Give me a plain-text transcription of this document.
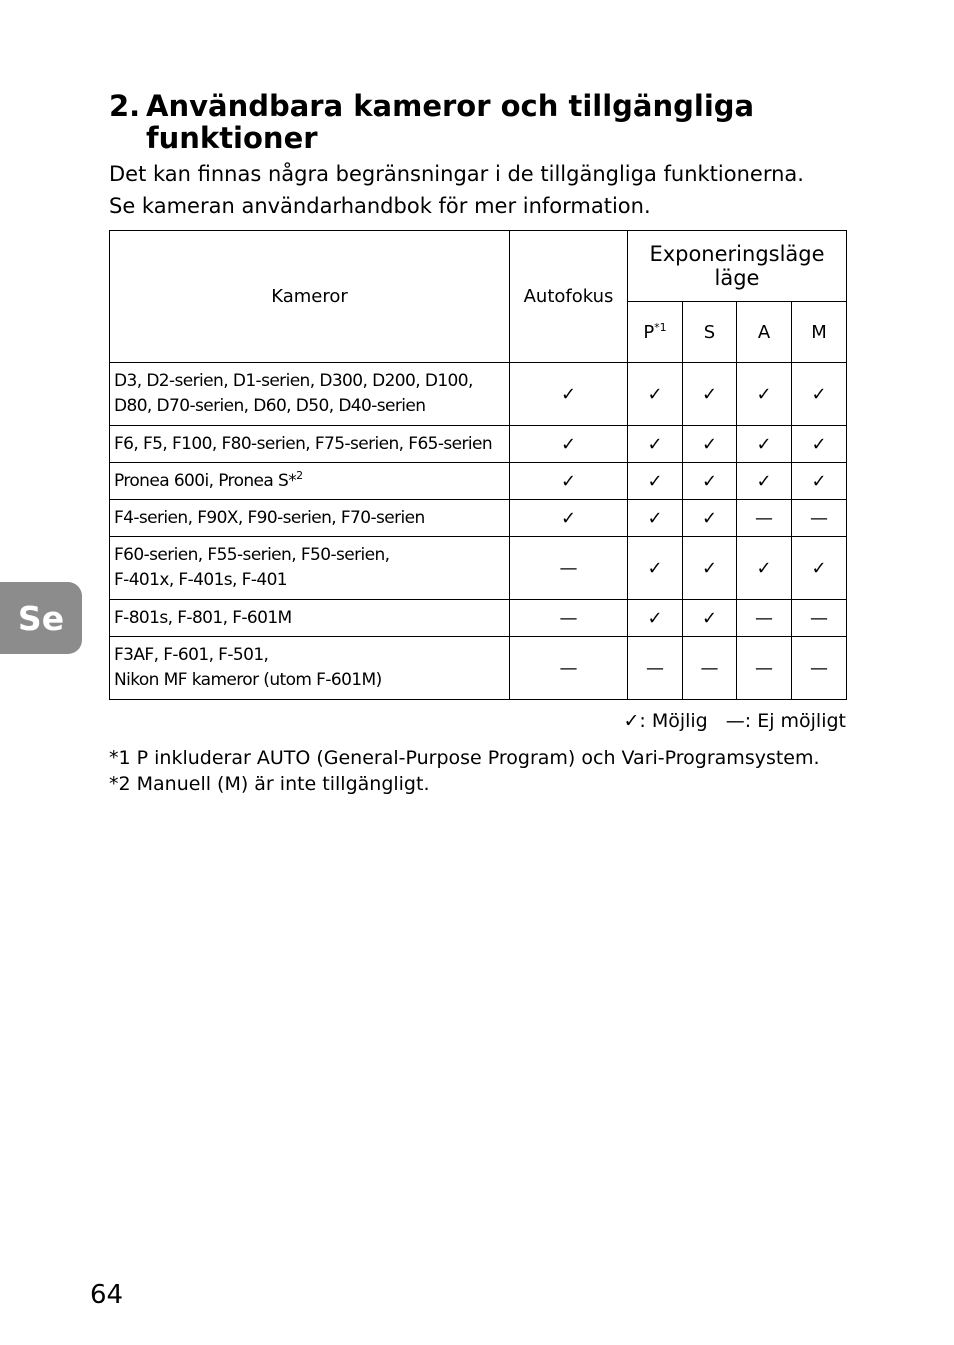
2. Användbara kameror och tillgängliga funktioner
Det kan finnas några begränsningar i de tillgängliga funktionerna.
Se kameran användarhandbok för mer information.
Kameror	Autofokus	Exponeringsläge
läge			

		$P^{*1}$	S	A	M

D3, D2-serien, D1-serien, D300, D200, D100,
D80, D70-serien, D60, D50, D40-serien	✓	✓	✓	✓	✓

F6, F5, F100, F80-serien, F75-serien, F65-serien	✓	✓	✓	✓	✓

Pronea 600i, Pronea S*$^2$	✓	✓	✓	✓	✓

F4-serien, F90X, F90-serien, F70-serien	✓	✓	✓	—	—

F60-serien, F55-serien, F50-serien,
F-401x, F-401s, F-401	—	✓	✓	✓	✓

F-801s, F-801, F-601M	—	✓	✓	—	—

F3AF, F-601, F-501,
Nikon MF kameror (utom F-601M)	—	—	—	—	—
✓: Möjlig —: Ej möjligt
*1 P inkluderar AUTO (General-Purpose Program) och Vari-Programsystem.
*2 Manuell (M) är inte tillgängligt.
Se
64
